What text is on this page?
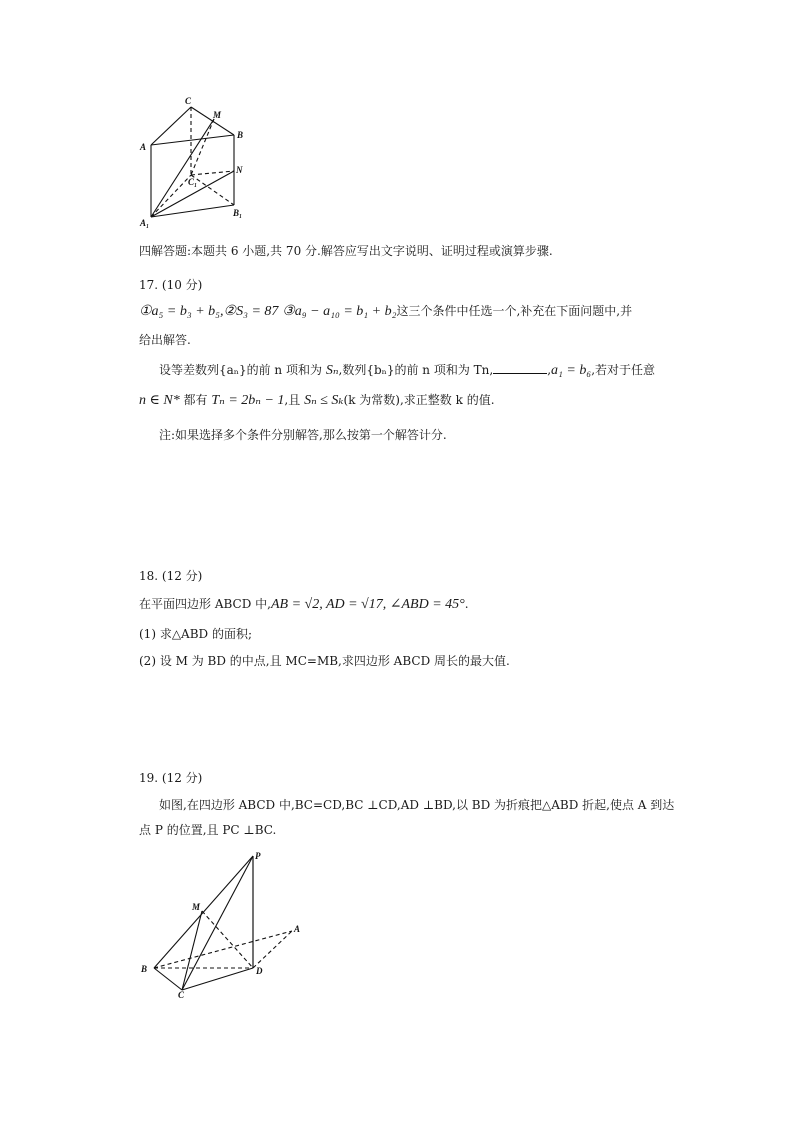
C
M
A
B
N
C₁
A₁
B₁
四解答题:本题共 6 小题,共 70 分.解答应写出文字说明、证明过程或演算步骤.
17. (10 分)
①a₅ = b₃ + b₅,②S₃ = 87 ③a₉ − a₁₀ = b₁ + b₂这三个条件中任选一个,补充在下面问题中,并
给出解答.
设等差数列{aₙ}的前 n 项和为 Sₙ,数列{bₙ}的前 n 项和为 Tn,	,a₁ = b₆,若对于任意
n ∈ N* 都有 Tₙ = 2bₙ − 1,且 Sₙ ≤ Sₖ(k 为常数),求正整数 k 的值.
注:如果选择多个条件分别解答,那么按第一个解答计分.
18. (12 分)
在平面四边形 ABCD 中,AB = √2, AD = √17, ∠ABD = 45°.
(1) 求△ABD 的面积;
(2) 设 M 为 BD 的中点,且 MC=MB,求四边形 ABCD 周长的最大值.
19. (12 分)
如图,在四边形 ABCD 中,BC=CD,BC ⊥CD,AD ⊥BD,以 BD 为折痕把△ABD 折起,使点 A 到达
点 P 的位置,且 PC ⊥BC.
P
M
A
B	D
C
